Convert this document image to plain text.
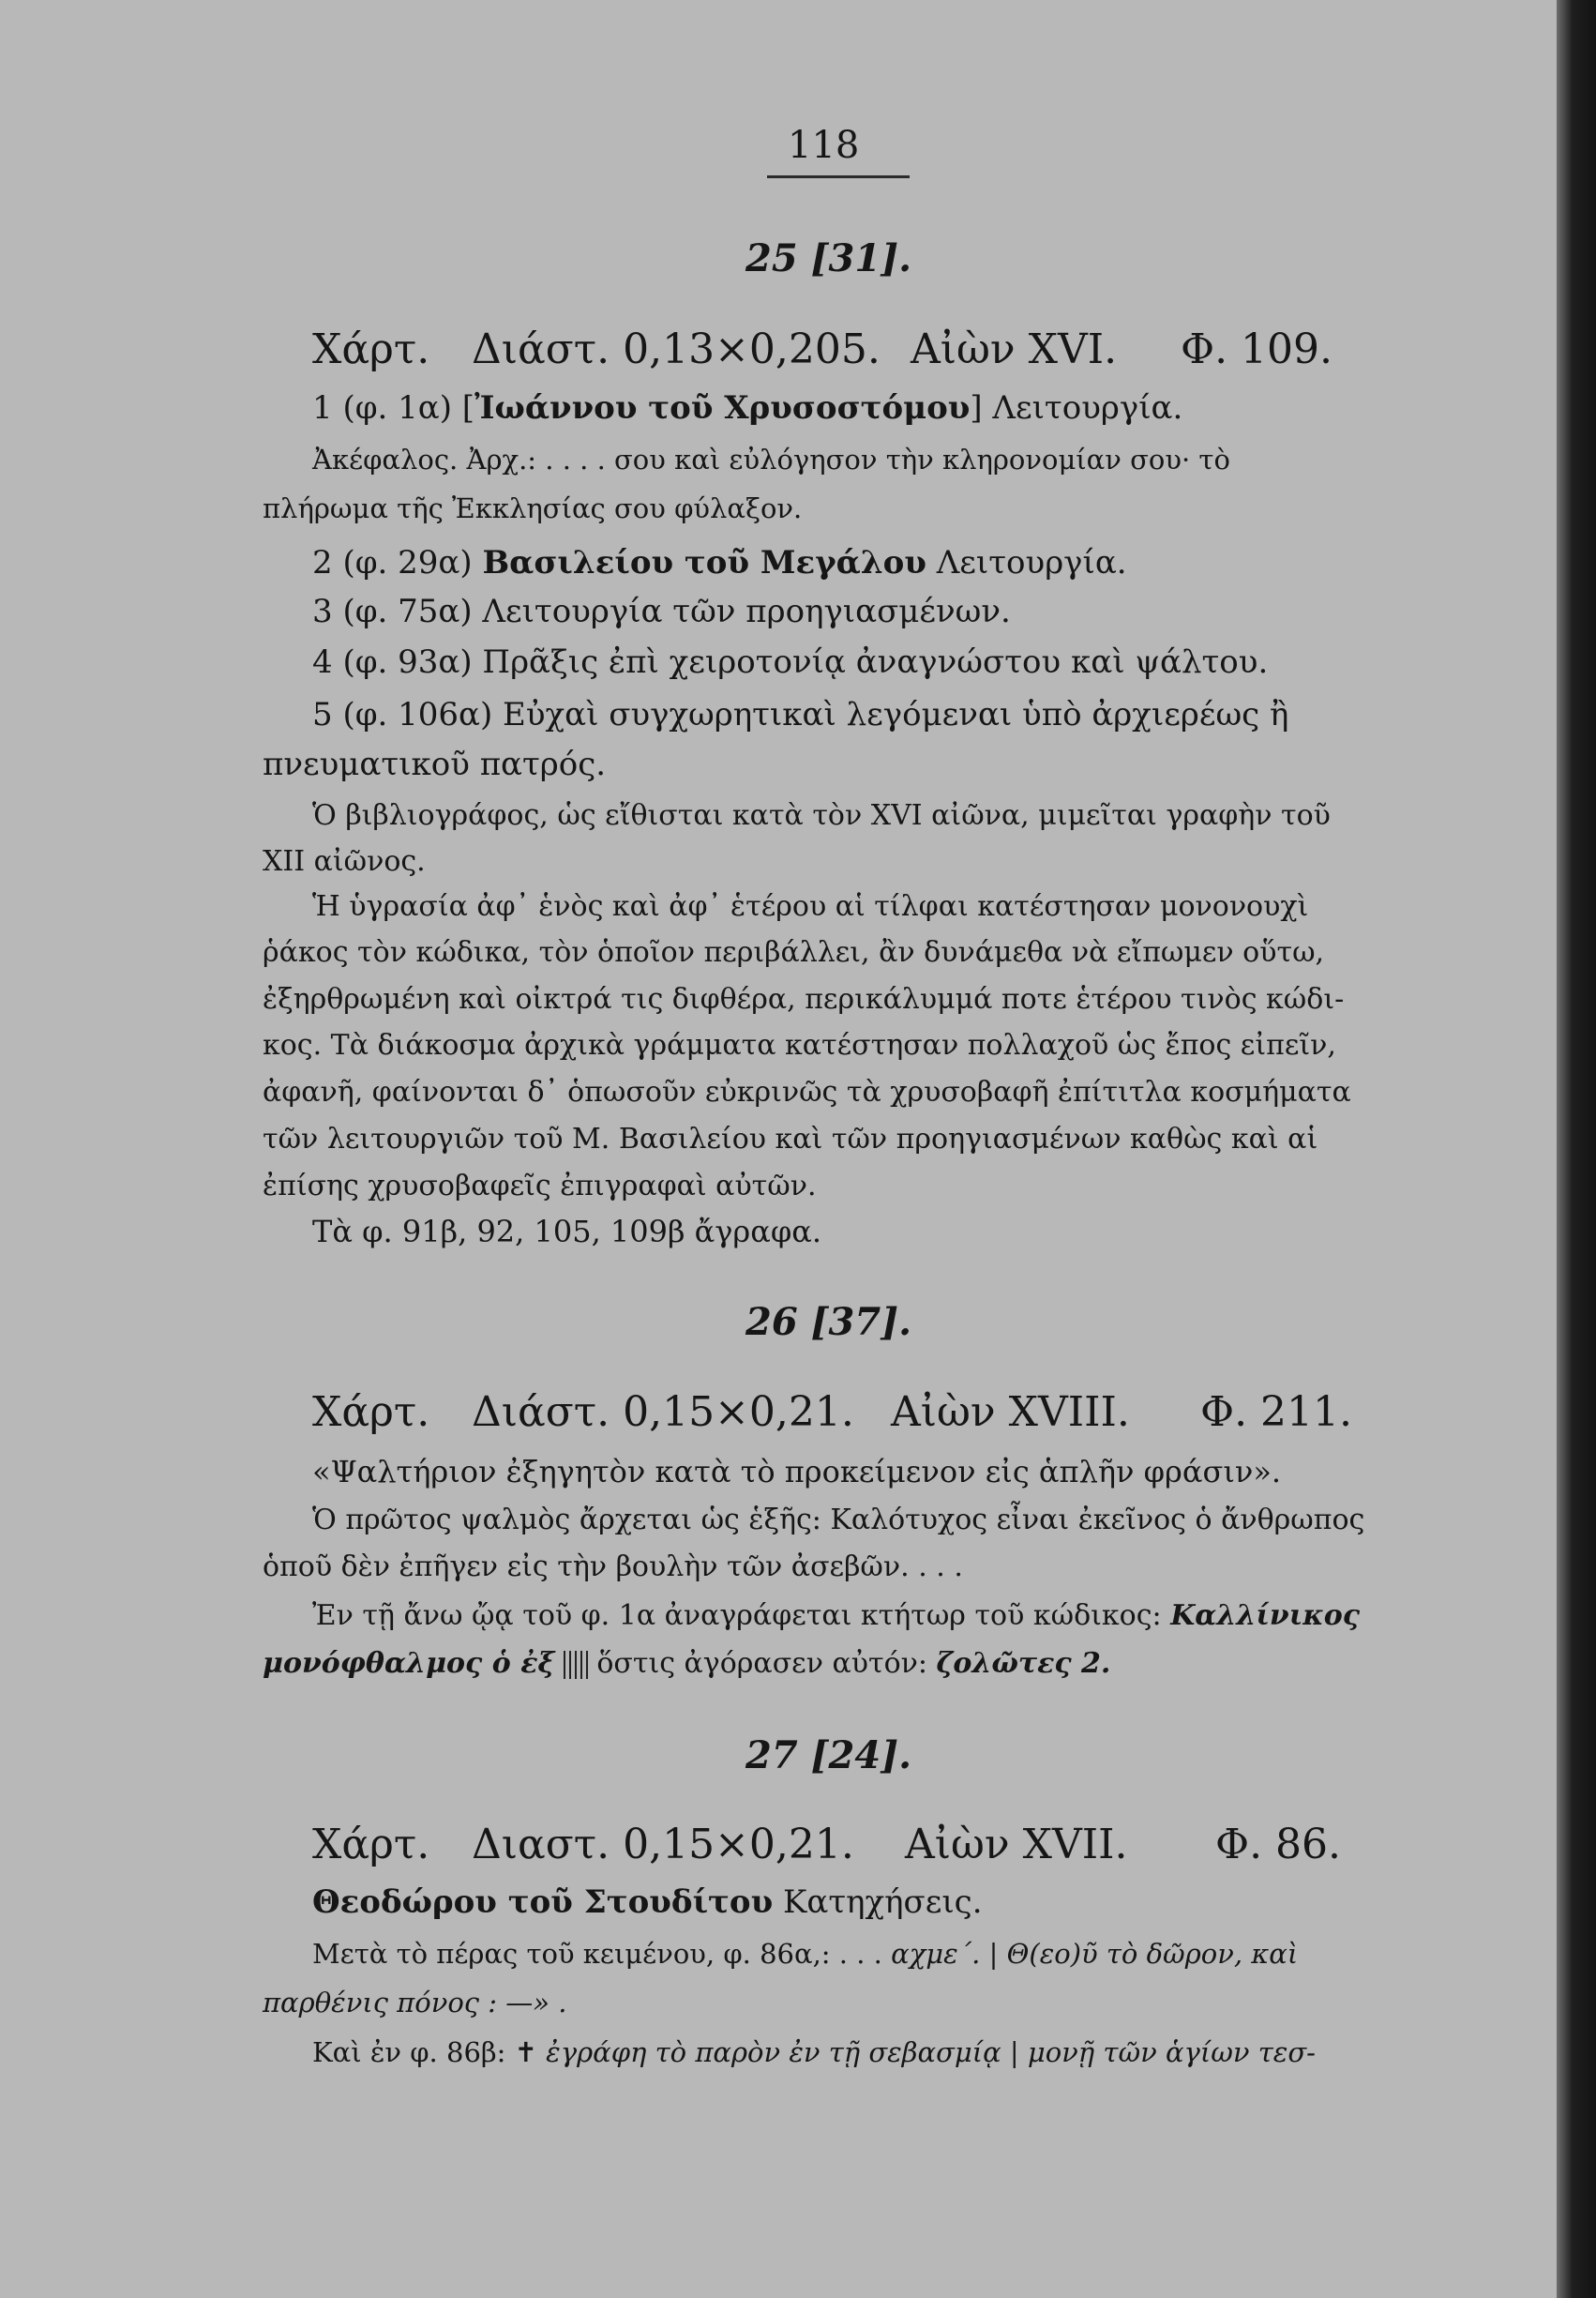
118
25 [31].
Χάρτ. Διάστ. 0,13×0,205. Αἰὼν XVI. Φ. 109.
1 (φ. 1α) [Ἰωάννου τοῦ Χρυσοστόμου] Λειτουργία.
Ἀκέφαλος. Ἀρχ.: . . . . σου καὶ εὐλόγησον τὴν κληρονομίαν σου· τὸ
πλήρωμα τῆς Ἐκκλησίας σου φύλαξον.
2 (φ. 29α) Βασιλείου τοῦ Μεγάλου Λειτουργία.
3 (φ. 75α) Λειτουργία τῶν προηγιασμένων.
4 (φ. 93α) Πρᾶξις ἐπὶ χειροτονίᾳ ἀναγνώστου καὶ ψάλτου.
5 (φ. 106α) Εὐχαὶ συγχωρητικαὶ λεγόμεναι ὑπὸ ἀρχιερέως ἢ
πνευματικοῦ πατρός.
Ὁ βιβλιογράφος, ὡς εἴθισται κατὰ τὸν XVI αἰῶνα, μιμεῖται γραφὴν τοῦ
XII αἰῶνος.
Ἡ ὑγρασία ἀφ᾽ ἑνὸς καὶ ἀφ᾽ ἑτέρου αἱ τίλφαι κατέστησαν μονονουχὶ
ῥάκος τὸν κώδικα, τὸν ὁποῖον περιβάλλει, ἂν δυνάμεθα νὰ εἴπωμεν οὕτω,
ἐξηρθρωμένη καὶ οἰκτρά τις διφθέρα, περικάλυμμά ποτε ἑτέρου τινὸς κώδι-
κος. Τὰ διάκοσμα ἀρχικὰ γράμματα κατέστησαν πολλαχοῦ ὡς ἔπος εἰπεῖν,
ἀφανῆ, φαίνονται δ᾽ ὁπωσοῦν εὐκρινῶς τὰ χρυσοβαφῆ ἐπίτιτλα κοσμήματα
τῶν λειτουργιῶν τοῦ Μ. Βασιλείου καὶ τῶν προηγιασμένων καθὼς καὶ αἱ
ἐπίσης χρυσοβαφεῖς ἐπιγραφαὶ αὐτῶν.
Τὰ φ. 91β, 92, 105, 109β ἄγραφα.
26 [37].
Χάρτ. Διάστ. 0,15×0,21. Αἰὼν XVIII. Φ. 211.
«Ψαλτήριον ἐξηγητὸν κατὰ τὸ προκείμενον εἰς ἁπλῆν φράσιν».
Ὁ πρῶτος ψαλμὸς ἄρχεται ὡς ἑξῆς: Καλότυχος εἶναι ἐκεῖνος ὁ ἄνθρωπος
ὁποῦ δὲν ἐπῆγεν εἰς τὴν βουλὴν τῶν ἀσεβῶν. . . .
Ἐν τῇ ἄνω ᾤᾳ τοῦ φ. 1α ἀναγράφεται κτήτωρ τοῦ κώδικος: Καλλίνικος
μονόφθαλμος ὁ ἐξ ὅστις ἀγόρασεν αὐτόν: ζολῶτες 2.
27 [24].
Χάρτ. Διαστ. 0,15×0,21. Αἰὼν XVII. Φ. 86.
Θεοδώρου τοῦ Στουδίτου Κατηχήσεις.
Μετὰ τὸ πέρας τοῦ κειμένου, φ. 86α,: . . . αχμε΄. | Θ(εο)ῦ τὸ δῶρον, καὶ
παρθένις πόνος : —» .
Καὶ ἐν φ. 86β: ✝ ἐγράφη τὸ παρὸν ἐν τῇ σεβασμίᾳ | μονῇ τῶν ἁγίων τεσ-
